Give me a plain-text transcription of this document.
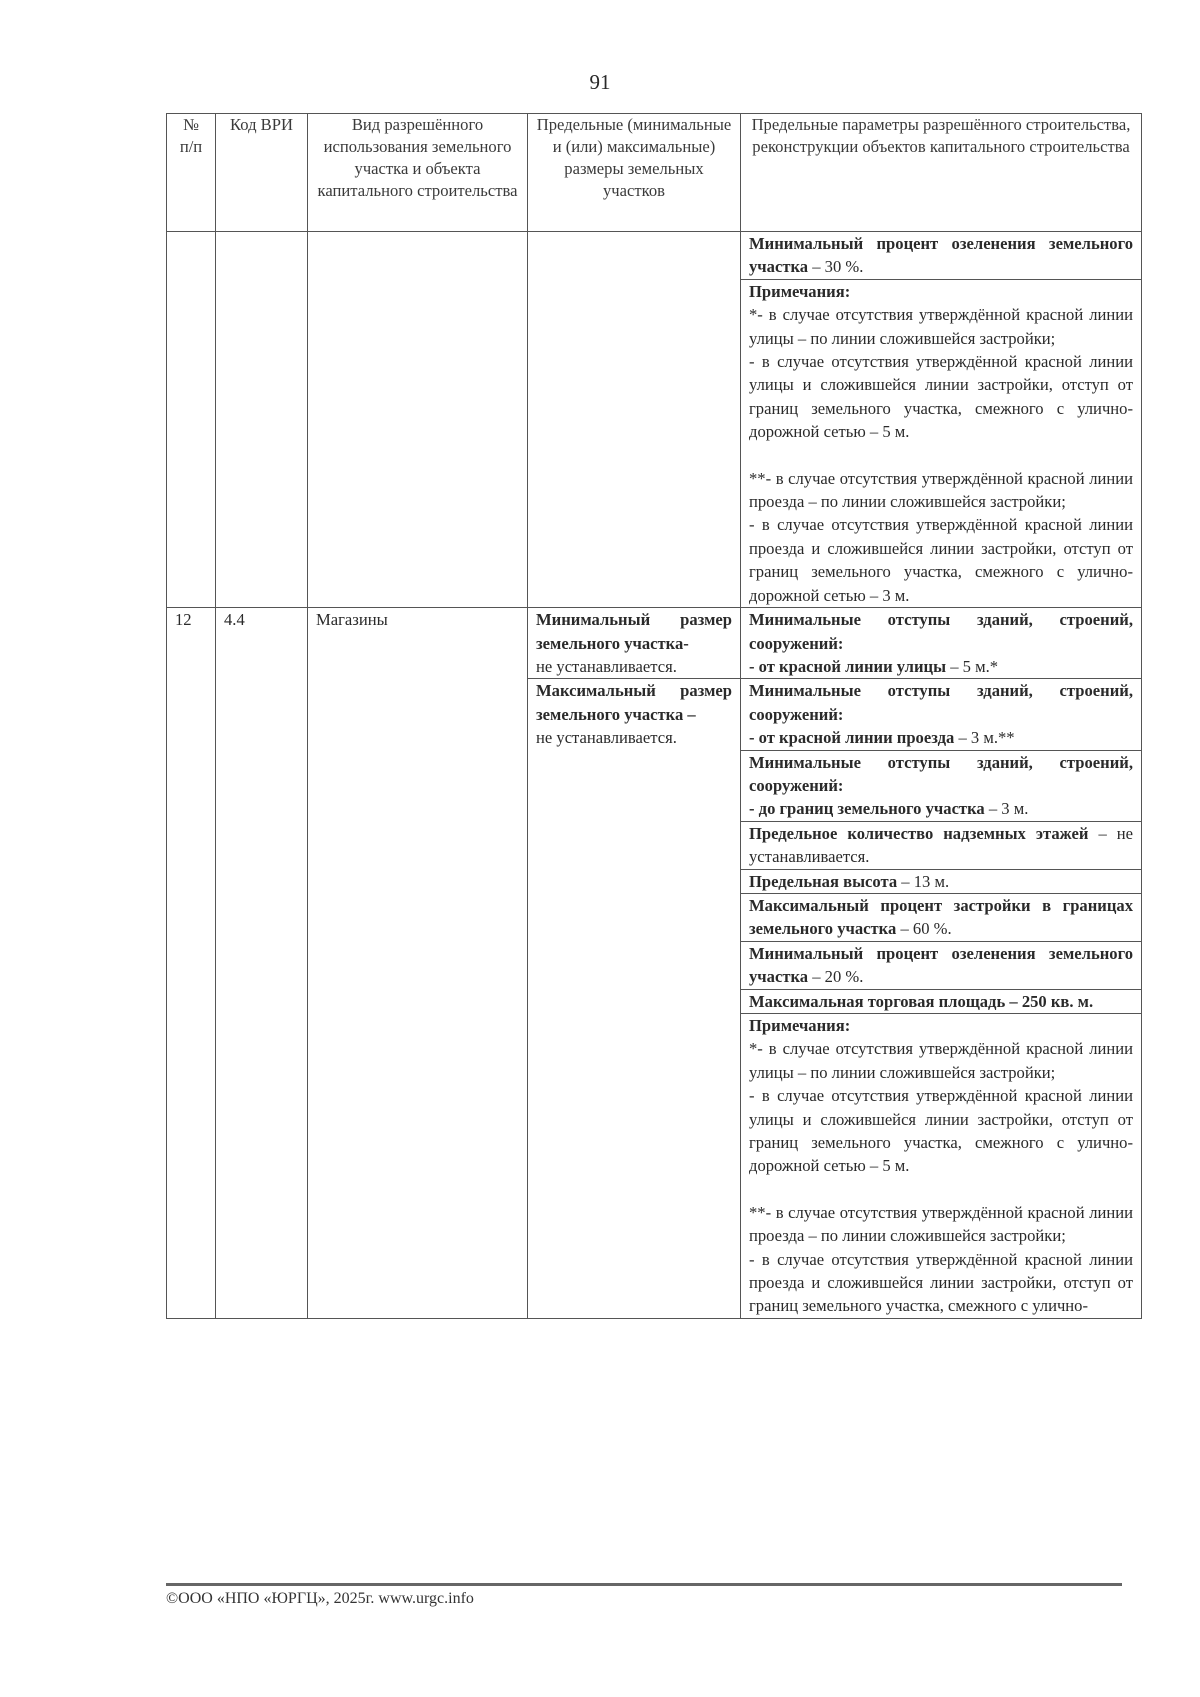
91
№ п/п	Код ВРИ	Вид разрешённого использования земельного участка и объекта капитального строительства	Предельные (минимальные и (или) максимальные) размеры земельных участков	Предельные параметры разрешённого строительства, реконструкции объектов капитального строительства
				Минимальный процент озеленения земельного участка – 30 %.

				Примечания:
*- в случае отсутствия утверждённой красной линии улицы – по линии сложившейся застройки;
- в случае отсутствия утверждённой красной линии улицы и сложившейся линии застройки, отступ от границ земельного участка, смежного с улично-дорожной сетью – 5 м.
**- в случае отсутствия утверждённой красной линии проезда – по линии сложившейся застройки;
- в случае отсутствия утверждённой красной линии проезда и сложившейся линии застройки, отступ от границ земельного участка, смежного с улично-дорожной сетью – 3 м.

12	4.4	Магазины	Минимальный размер земельного участка-
не устанавливается.	Минимальные отступы зданий, строений, сооружений:
- от красной линии улицы – 5 м.*

			Максимальный размер земельного участка –
не устанавливается.	Минимальные отступы зданий, строений, сооружений:
- от красной линии проезда – 3 м.**

				Минимальные отступы зданий, строений, сооружений:
- до границ земельного участка – 3 м.

				Предельное количество надземных этажей – не устанавливается.
				Предельная высота – 13 м.
				Максимальный процент застройки в границах земельного участка – 60 %.
				Минимальный процент озеленения земельного участка – 20 %.
				Максимальная торговая площадь – 250 кв. м.

				Примечания:
*- в случае отсутствия утверждённой красной линии улицы – по линии сложившейся застройки;
- в случае отсутствия утверждённой красной линии улицы и сложившейся линии застройки, отступ от границ земельного участка, смежного с улично-дорожной сетью – 5 м.
**- в случае отсутствия утверждённой красной линии проезда – по линии сложившейся застройки;
- в случае отсутствия утверждённой красной линии проезда и сложившейся линии застройки, отступ от границ земельного участка, смежного с улично-
©ООО «НПО «ЮРГЦ», 2025г. www.urgc.info
